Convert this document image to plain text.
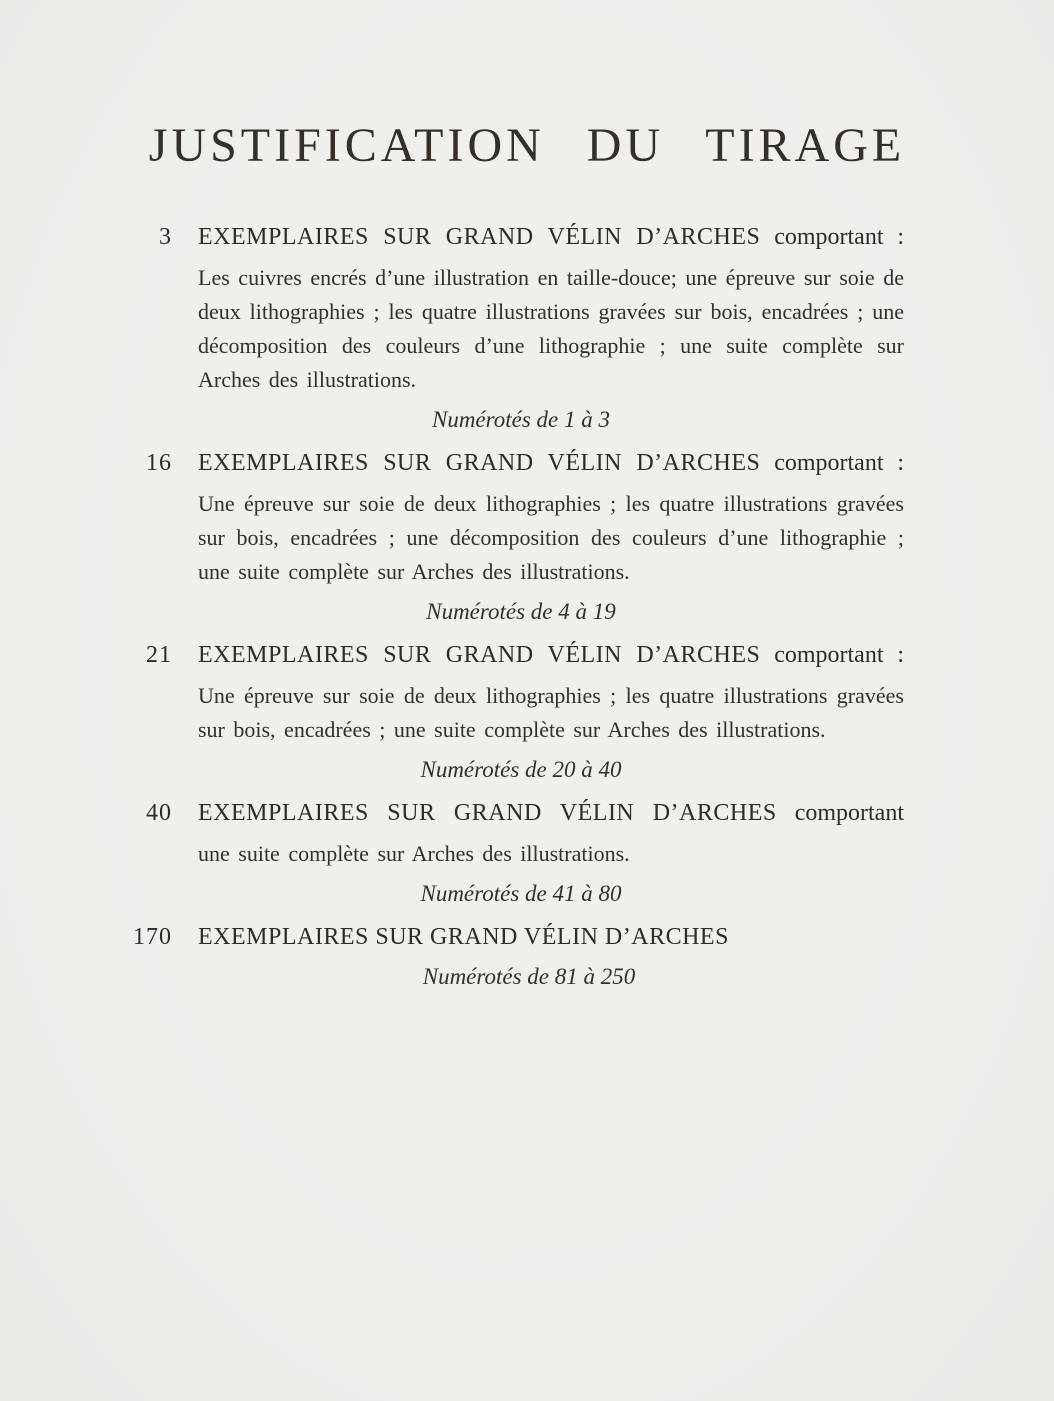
JUSTIFICATION DU TIRAGE
3 EXEMPLAIRES SUR GRAND VÉLIN D’ARCHES comportant :
Les cuivres encrés d’une illustration en taille-douce; une épreuve sur soie de deux lithographies ; les quatre illustrations gravées sur bois, encadrées ; une décomposition des couleurs d’une lithographie ; une suite complète sur Arches des illustrations.
Numérotés de 1 à 3
16 EXEMPLAIRES SUR GRAND VÉLIN D’ARCHES comportant :
Une épreuve sur soie de deux lithographies ; les quatre illustrations gravées sur bois, encadrées ; une décomposition des couleurs d’une lithographie ; une suite complète sur Arches des illustrations.
Numérotés de 4 à 19
21 EXEMPLAIRES SUR GRAND VÉLIN D’ARCHES comportant :
Une épreuve sur soie de deux lithographies ; les quatre illustrations gravées sur bois, encadrées ; une suite complète sur Arches des illustrations.
Numérotés de 20 à 40
40 EXEMPLAIRES SUR GRAND VÉLIN D’ARCHES comportant
une suite complète sur Arches des illustrations.
Numérotés de 41 à 80
170 EXEMPLAIRES SUR GRAND VÉLIN D’ARCHES
Numérotés de 81 à 250
